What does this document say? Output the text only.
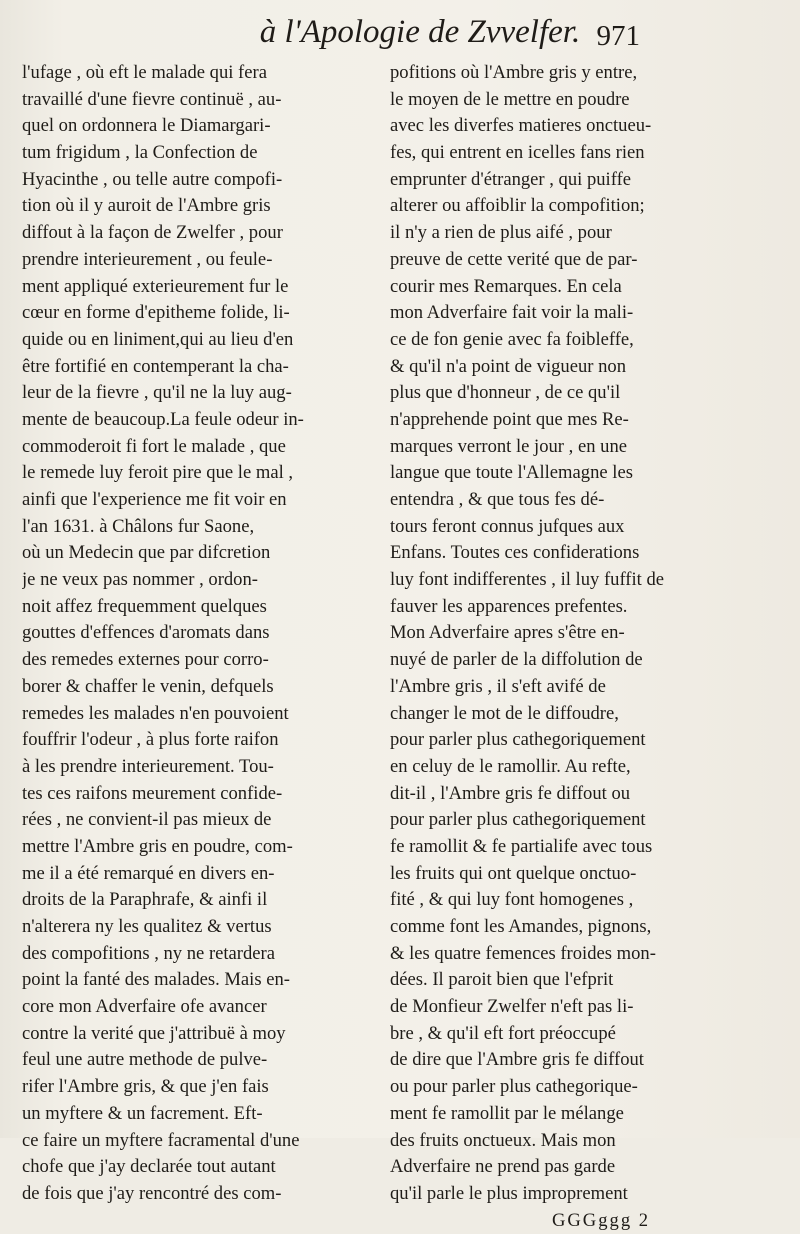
à l'Apologie de Zvvelfer. 971
l'ufage , où eft le malade qui fera
travaillé d'une fievre continuë , au-
quel on ordonnera le Diamargari-
tum frigidum , la Confection de
Hyacinthe , ou telle autre compofi-
tion où il y auroit de l'Ambre gris
diffout à la façon de Zwelfer , pour
prendre interieurement , ou feule-
ment appliqué exterieurement fur le
cœur en forme d'epitheme folide, li-
quide ou en liniment,qui au lieu d'en
être fortifié en contemperant la cha-
leur de la fievre , qu'il ne la luy aug-
mente de beaucoup.La feule odeur in-
commoderoit fi fort le malade , que
le remede luy feroit pire que le mal ,
ainfi que l'experience me fit voir en
l'an 1631. à Châlons fur Saone,
où un Medecin que par difcretion
je ne veux pas nommer , ordon-
noit affez frequemment quelques
gouttes d'effences d'aromats dans
des remedes externes pour corro-
borer & chaffer le venin, defquels
remedes les malades n'en pouvoient
fouffrir l'odeur , à plus forte raifon
à les prendre interieurement. Tou-
tes ces raifons meurement confide-
rées , ne convient-il pas mieux de
mettre l'Ambre gris en poudre, com-
me il a été remarqué en divers en-
droits de la Paraphrafe, & ainfi il
n'alterera ny les qualitez & vertus
des compofitions , ny ne retardera
point la fanté des malades. Mais en-
core mon Adverfaire ofe avancer
contre la verité que j'attribuë à moy
feul une autre methode de pulve-
rifer l'Ambre gris, & que j'en fais
un myftere & un facrement. Eft-
ce faire un myftere facramental d'une
chofe que j'ay declarée tout autant
de fois que j'ay rencontré des com-
pofitions où l'Ambre gris y entre,
le moyen de le mettre en poudre
avec les diverfes matieres onctueu-
fes, qui entrent en icelles fans rien
emprunter d'étranger , qui puiffe
alterer ou affoiblir la compofition;
il n'y a rien de plus aifé , pour
preuve de cette verité que de par-
courir mes Remarques. En cela
mon Adverfaire fait voir la mali-
ce de fon genie avec fa foibleffe,
& qu'il n'a point de vigueur non
plus que d'honneur , de ce qu'il
n'apprehende point que mes Re-
marques verront le jour , en une
langue que toute l'Allemagne les
entendra , & que tous fes dé-
tours feront connus jufques aux
Enfans. Toutes ces confiderations
luy font indifferentes , il luy fuffit de
fauver les apparences prefentes.
Mon Adverfaire apres s'être en-
nuyé de parler de la diffolution de
l'Ambre gris , il s'eft avifé de
changer le mot de le diffoudre,
pour parler plus cathegoriquement
en celuy de le ramollir. Au refte,
dit-il , l'Ambre gris fe diffout ou
pour parler plus cathegoriquement
fe ramollit & fe partialife avec tous
les fruits qui ont quelque onctuo-
fité , & qui luy font homogenes ,
comme font les Amandes, pignons,
& les quatre femences froides mon-
dées. Il paroit bien que l'efprit
de Monfieur Zwelfer n'eft pas li-
bre , & qu'il eft fort préoccupé
de dire que l'Ambre gris fe diffout
ou pour parler plus cathegorique-
ment fe ramollit par le mélange
des fruits onctueux. Mais mon
Adverfaire ne prend pas garde
qu'il parle le plus improprement
GGGggg 2
